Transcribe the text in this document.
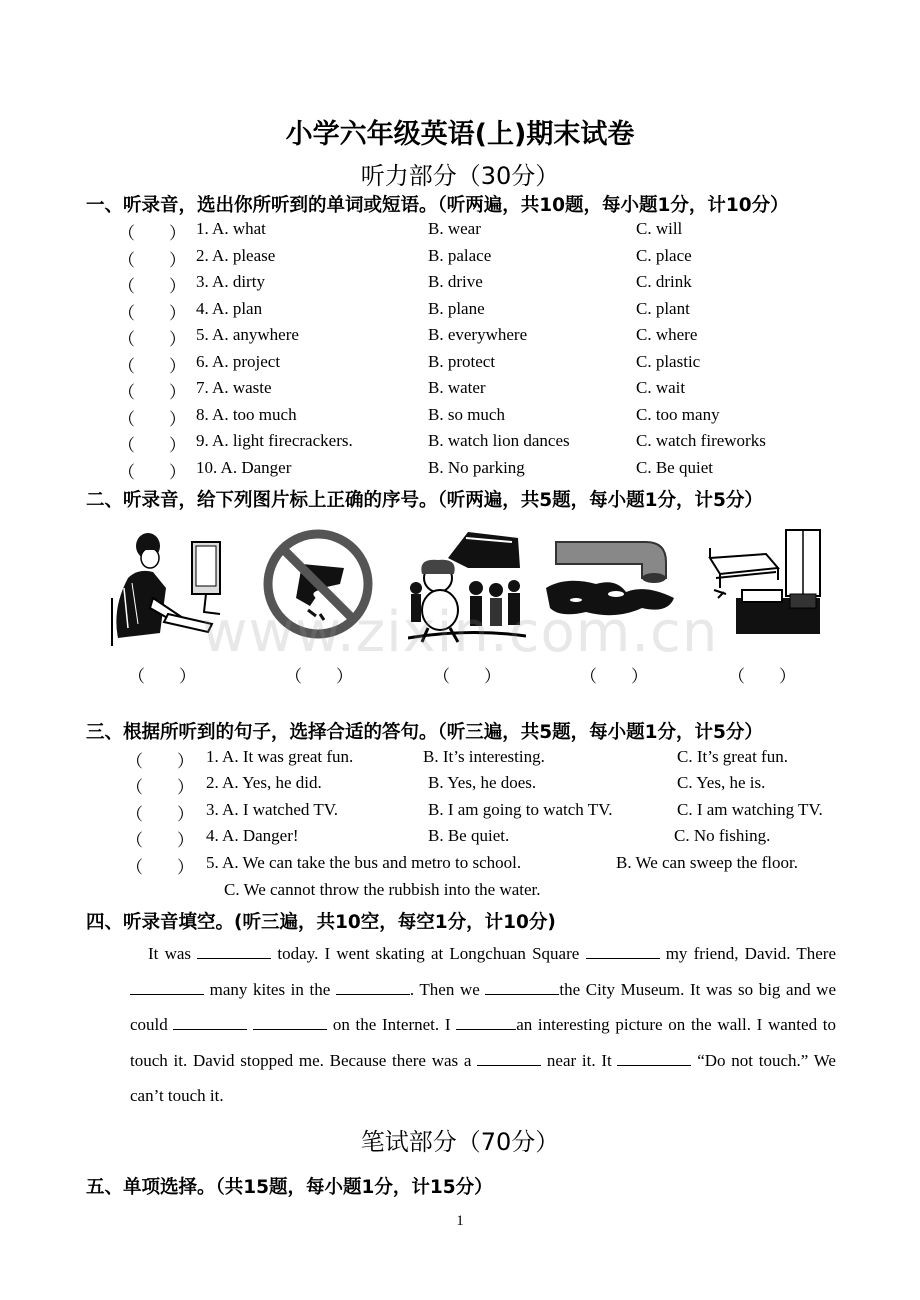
小学六年级英语(上)期末试卷
听力部分（30分）
一、听录音，选出你所听到的单词或短语。（听两遍，共10题，每小题1分，计10分）
（　　） 1. A. what	B. wear	C. will
（　　） 2. A. please	B. palace	C. place
（　　） 3. A. dirty	B. drive	C. drink
（　　） 4. A. plan	B. plane	C. plant
（　　） 5. A. anywhere	B. everywhere	C. where
（　　） 6. A. project	B. protect	C. plastic
（　　） 7. A. waste	B. water	C. wait
（　　） 8. A. too much	B. so much	C. too many
（　　） 9. A. light firecrackers.	B. watch lion dances	C. watch fireworks
（　　） 10. A. Danger	B. No parking	C. Be quiet
二、听录音，给下列图片标上正确的序号。（听两遍，共5题，每小题1分，计5分）
www.zixin.com.cn
（　　）	（　　）	（　　）	（　　）	（　　）
三、根据所听到的句子，选择合适的答句。（听三遍，共5题，每小题1分，计5分）
（　　） 1. A. It was great fun.	B. It’s interesting.	C. It’s great fun.
（　　） 2. A. Yes, he did.	B. Yes, he does.	C. Yes, he is.
（　　） 3. A. I watched TV.	B. I am going to watch TV.	C. I am watching TV.
（　　） 4. A. Danger!	B. Be quiet.	C. No fishing.
（　　） 5. A. We can take the bus and metro to school.	B. We can sweep the floor.
C. We cannot throw the rubbish into the water.
四、听录音填空。(听三遍，共10空，每空1分，计10分)
It was	today. I went skating at Longchuan Square	my friend, David. There  many kites in the	. Then we	the City Museum. It was so big and we could	on the Internet. I	an interesting picture on the wall. I wanted to touch it. David stopped me. Because there was a	near it. It	“Do not touch.” We can’t touch it.
笔试部分（70分）
五、单项选择。（共15题，每小题1分，计15分）
1
